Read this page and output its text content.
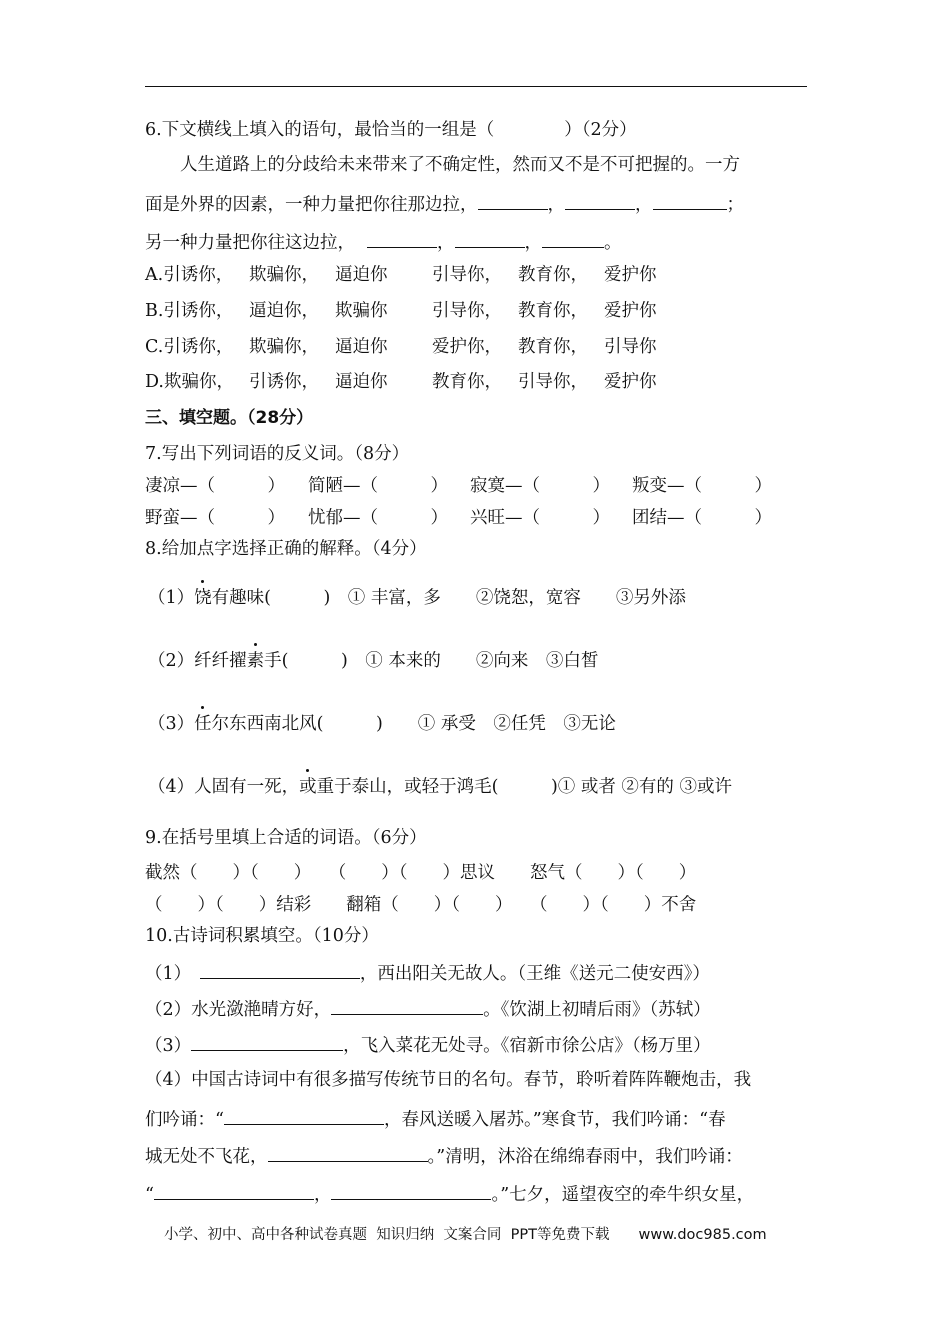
6.下文横线上填入的语句，最恰当的一组是（　　　　）（2分）
　　人生道路上的分歧给未来带来了不确定性，然而又不是不可把握的。一方
面是外界的因素，一种力量把你往那边拉，	，	，	；
另一种力量把你往这边拉，	，	，	。
A.引诱你， 欺骗你， 逼迫你	引导你， 教育你， 爱护你
B.引诱你， 逼迫你， 欺骗你	引导你， 教育你， 爱护你
C.引诱你， 欺骗你， 逼迫你	爱护你， 教育你， 引导你
D.欺骗你， 引诱你， 逼迫你	教育你， 引导你， 爱护你
三、填空题。（28分）
7.写出下列词语的反义词。（8分）
凄凉—（　　　） 简陋—（　　　） 寂寞—（　　　） 叛变—（　　　）
野蛮—（　　　） 忧郁—（　　　） 兴旺—（　　　） 团结—（　　　）
8.给加点字选择正确的解释。（4分）
（1）饶有趣味(　　　)　① 丰富，多　　②饶恕，宽容　　③另外添
（2）纤纤擢素手(　　　)　① 本来的　　②向来　③白皙
（3）任尔东西南北风(　　　)　　① 承受　②任凭　③无论
（4）人固有一死，或重于泰山，或轻于鸿毛(　　　)① 或者 ②有的 ③或许
9.在括号里填上合适的词语。（6分）
截然（　　）（　　）　　（　　）（　　）思议　　怒气（　　）（　　）
（　　）（　　）结彩　　翻箱（　　）（　　）　　（　　）（　　）不舍
10.古诗词积累填空。（10分）
（1）　	，西出阳关无故人。（王维《送元二使安西》）
（2）水光潋滟晴方好，	。《饮湖上初晴后雨》（苏轼）
（3）	，飞入菜花无处寻。《宿新市徐公店》（杨万里）
（4）中国古诗词中有很多描写传统节日的名句。春节，聆听着阵阵鞭炮击，我
们吟诵：“	，春风送暖入屠苏。”寒食节，我们吟诵：“春
城无处不飞花，	。”清明，沐浴在绵绵春雨中，我们吟诵：
“	，	。”七夕，遥望夜空的牵牛织女星，
小学、初中、高中各种试卷真题  知识归纳  文案合同  PPT等免费下载　　www.doc985.com
